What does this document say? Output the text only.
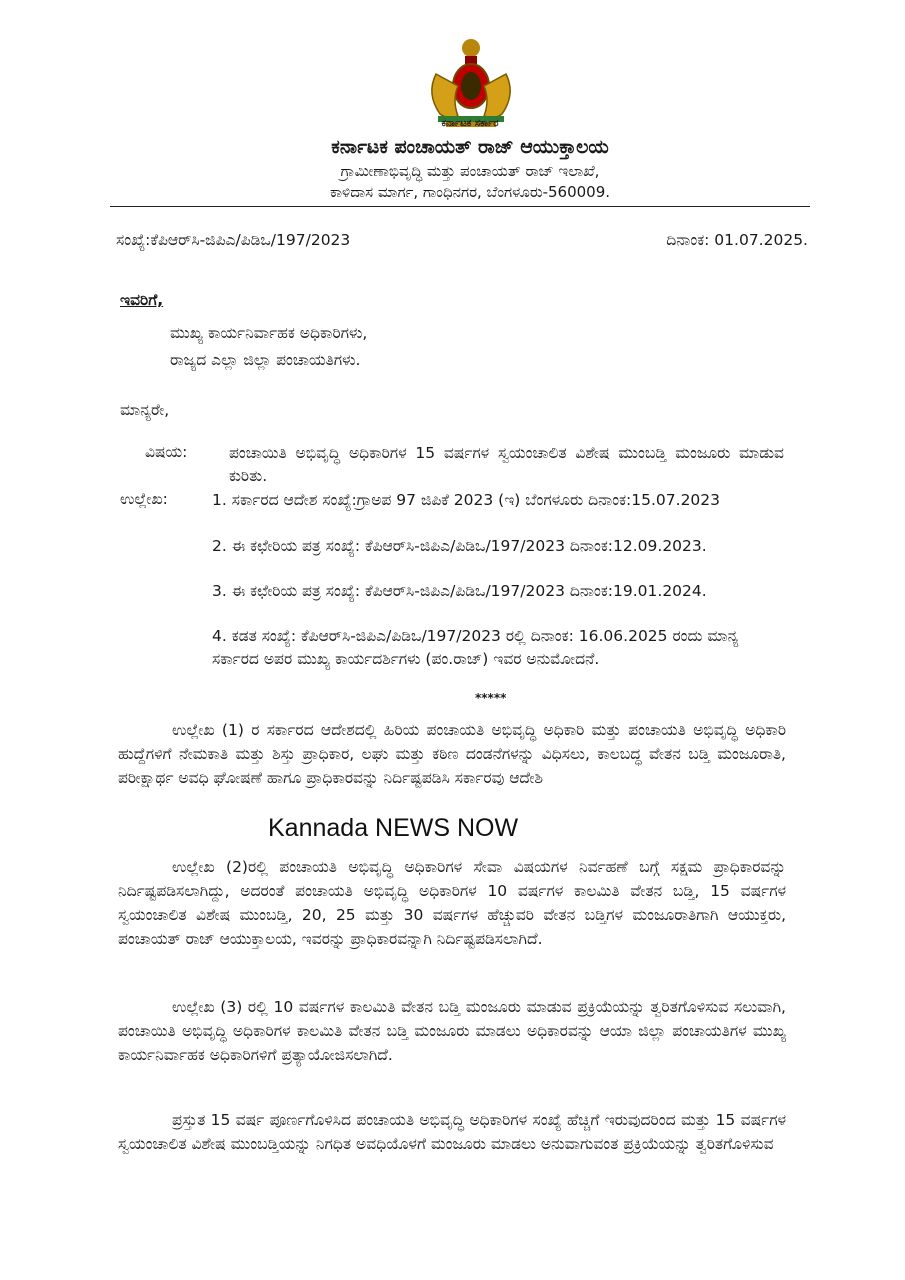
ಕರ್ನಾಟಕ ಸರ್ಕಾರ
ಕರ್ನಾಟಕ ಪಂಚಾಯತ್ ರಾಜ್ ಆಯುಕ್ತಾಲಯ
ಗ್ರಾಮೀಣಾಭಿವೃದ್ಧಿ ಮತ್ತು ಪಂಚಾಯತ್ ರಾಜ್ ಇಲಾಖೆ,
ಕಾಳಿದಾಸ ಮಾರ್ಗ, ಗಾಂಧಿನಗರ, ಬೆಂಗಳೂರು-560009.
ಸಂಖ್ಯೆ:ಕೆಪಿಆರ್‌ಸಿ-ಜಿಪಿಎ/ಪಿಡಿಒ/197/2023	ದಿನಾಂಕ: 01.07.2025.
ಇವರಿಗೆ,
ಮುಖ್ಯ ಕಾರ್ಯನಿರ್ವಾಹಕ ಅಧಿಕಾರಿಗಳು,
ರಾಜ್ಯದ ಎಲ್ಲಾ ಜಿಲ್ಲಾ ಪಂಚಾಯತಿಗಳು.
ಮಾನ್ಯರೇ,
ವಿಷಯ:	ಪಂಚಾಯಿತಿ ಅಭಿವೃದ್ಧಿ ಅಧಿಕಾರಿಗಳ 15 ವರ್ಷಗಳ ಸ್ವಯಂಚಾಲಿತ ವಿಶೇಷ ಮುಂಬಡ್ತಿ ಮಂಜೂರು ಮಾಡುವ ಕುರಿತು.
ಉಲ್ಲೇಖ:	1. ಸರ್ಕಾರದ ಆದೇಶ ಸಂಖ್ಯೆ:ಗ್ರಾಅಪ 97 ಜಿಪಿಕೆ 2023 (ಇ) ಬೆಂಗಳೂರು ದಿನಾಂಕ:15.07.2023
2. ಈ ಕಛೇರಿಯ ಪತ್ರ ಸಂಖ್ಯೆ: ಕೆಪಿಆರ್‌ಸಿ-ಜಿಪಿಎ/ಪಿಡಿಒ/197/2023 ದಿನಾಂಕ:12.09.2023.
3. ಈ ಕಛೇರಿಯ ಪತ್ರ ಸಂಖ್ಯೆ: ಕೆಪಿಆರ್‌ಸಿ-ಜಿಪಿಎ/ಪಿಡಿಒ/197/2023 ದಿನಾಂಕ:19.01.2024.
4. ಕಡತ ಸಂಖ್ಯೆ: ಕೆಪಿಆರ್‌ಸಿ-ಜಿಪಿಎ/ಪಿಡಿಒ/197/2023 ರಲ್ಲಿ ದಿನಾಂಕ: 16.06.2025 ರಂದು ಮಾನ್ಯ ಸರ್ಕಾರದ ಅಪರ ಮುಖ್ಯ ಕಾರ್ಯದರ್ಶಿಗಳು (ಪಂ.ರಾಜ್) ಇವರ ಅನುಮೋದನೆ.
*****
ಉಲ್ಲೇಖ (1) ರ ಸರ್ಕಾರದ ಆದೇಶದಲ್ಲಿ ಹಿರಿಯ ಪಂಚಾಯತಿ ಅಭಿವೃದ್ಧಿ ಅಧಿಕಾರಿ ಮತ್ತು ಪಂಚಾಯತಿ ಅಭಿವೃದ್ಧಿ ಅಧಿಕಾರಿ ಹುದ್ದೆಗಳಿಗೆ ನೇಮಕಾತಿ ಮತ್ತು ಶಿಸ್ತು ಪ್ರಾಧಿಕಾರ, ಲಘು ಮತ್ತು ಕಠಿಣ ದಂಡನೆಗಳನ್ನು ವಿಧಿಸಲು, ಕಾಲಬದ್ಧ ವೇತನ ಬಡ್ತಿ ಮಂಜೂರಾತಿ, ಪರೀಕ್ಷಾರ್ಥ ಅವಧಿ ಘೋಷಣೆ ಹಾಗೂ ಪ್ರಾಧಿಕಾರವನ್ನು ನಿರ್ದಿಷ್ಟಪಡಿಸಿ ಸರ್ಕಾರವು ಆದೇಶಿ
ಉಲ್ಲೇಖ (2)ರಲ್ಲಿ ಪಂಚಾಯತಿ ಅಭಿವೃದ್ಧಿ ಅಧಿಕಾರಿಗಳ ಸೇವಾ ವಿಷಯಗಳ ನಿರ್ವಹಣೆ ಬಗ್ಗೆ ಸಕ್ಷಮ ಪ್ರಾಧಿಕಾರವನ್ನು ನಿರ್ದಿಷ್ಟಪಡಿಸಲಾಗಿದ್ದು, ಅದರಂತೆ ಪಂಚಾಯತಿ ಅಭಿವೃದ್ಧಿ ಅಧಿಕಾರಿಗಳ 10 ವರ್ಷಗಳ ಕಾಲಮಿತಿ ವೇತನ ಬಡ್ತಿ, 15 ವರ್ಷಗಳ ಸ್ವಯಂಚಾಲಿತ ವಿಶೇಷ ಮುಂಬಡ್ತಿ, 20, 25 ಮತ್ತು 30 ವರ್ಷಗಳ ಹೆಚ್ಚುವರಿ ವೇತನ ಬಡ್ತಿಗಳ ಮಂಜೂರಾತಿಗಾಗಿ ಆಯುಕ್ತರು, ಪಂಚಾಯತ್ ರಾಜ್ ಆಯುಕ್ತಾಲಯ, ಇವರನ್ನು ಪ್ರಾಧಿಕಾರವನ್ನಾಗಿ ನಿರ್ದಿಷ್ಟಪಡಿಸಲಾಗಿದೆ.
ಉಲ್ಲೇಖ (3) ರಲ್ಲಿ 10 ವರ್ಷಗಳ ಕಾಲಮಿತಿ ವೇತನ ಬಡ್ತಿ ಮಂಜೂರು ಮಾಡುವ ಪ್ರಕ್ರಿಯೆಯನ್ನು ತ್ವರಿತಗೊಳಿಸುವ ಸಲುವಾಗಿ, ಪಂಚಾಯಿತಿ ಅಭಿವೃದ್ಧಿ ಅಧಿಕಾರಿಗಳ ಕಾಲಮಿತಿ ವೇತನ ಬಡ್ತಿ ಮಂಜೂರು ಮಾಡಲು ಅಧಿಕಾರವನ್ನು ಆಯಾ ಜಿಲ್ಲಾ ಪಂಚಾಯತಿಗಳ ಮುಖ್ಯ ಕಾರ್ಯನಿರ್ವಾಹಕ ಅಧಿಕಾರಿಗಳಿಗೆ ಪ್ರತ್ಯಾಯೋಜಿಸಲಾಗಿದೆ.
ಪ್ರಸ್ತುತ 15 ವರ್ಷ ಪೂರ್ಣಗೊಳಿಸಿದ ಪಂಚಾಯತಿ ಅಭಿವೃದ್ಧಿ ಅಧಿಕಾರಿಗಳ ಸಂಖ್ಯೆ ಹೆಚ್ಚಿಗೆ ಇರುವುದರಿಂದ ಮತ್ತು 15 ವರ್ಷಗಳ ಸ್ವಯಂಚಾಲಿತ ವಿಶೇಷ ಮುಂಬಡ್ತಿಯನ್ನು ನಿಗಧಿತ ಅವಧಿಯೊಳಗೆ ಮಂಜೂರು ಮಾಡಲು ಅನುವಾಗುವಂತ ಪ್ರಕ್ರಿಯೆಯನ್ನು ತ್ವರಿತಗೊಳಿಸುವ
Kannada NEWS NOW
